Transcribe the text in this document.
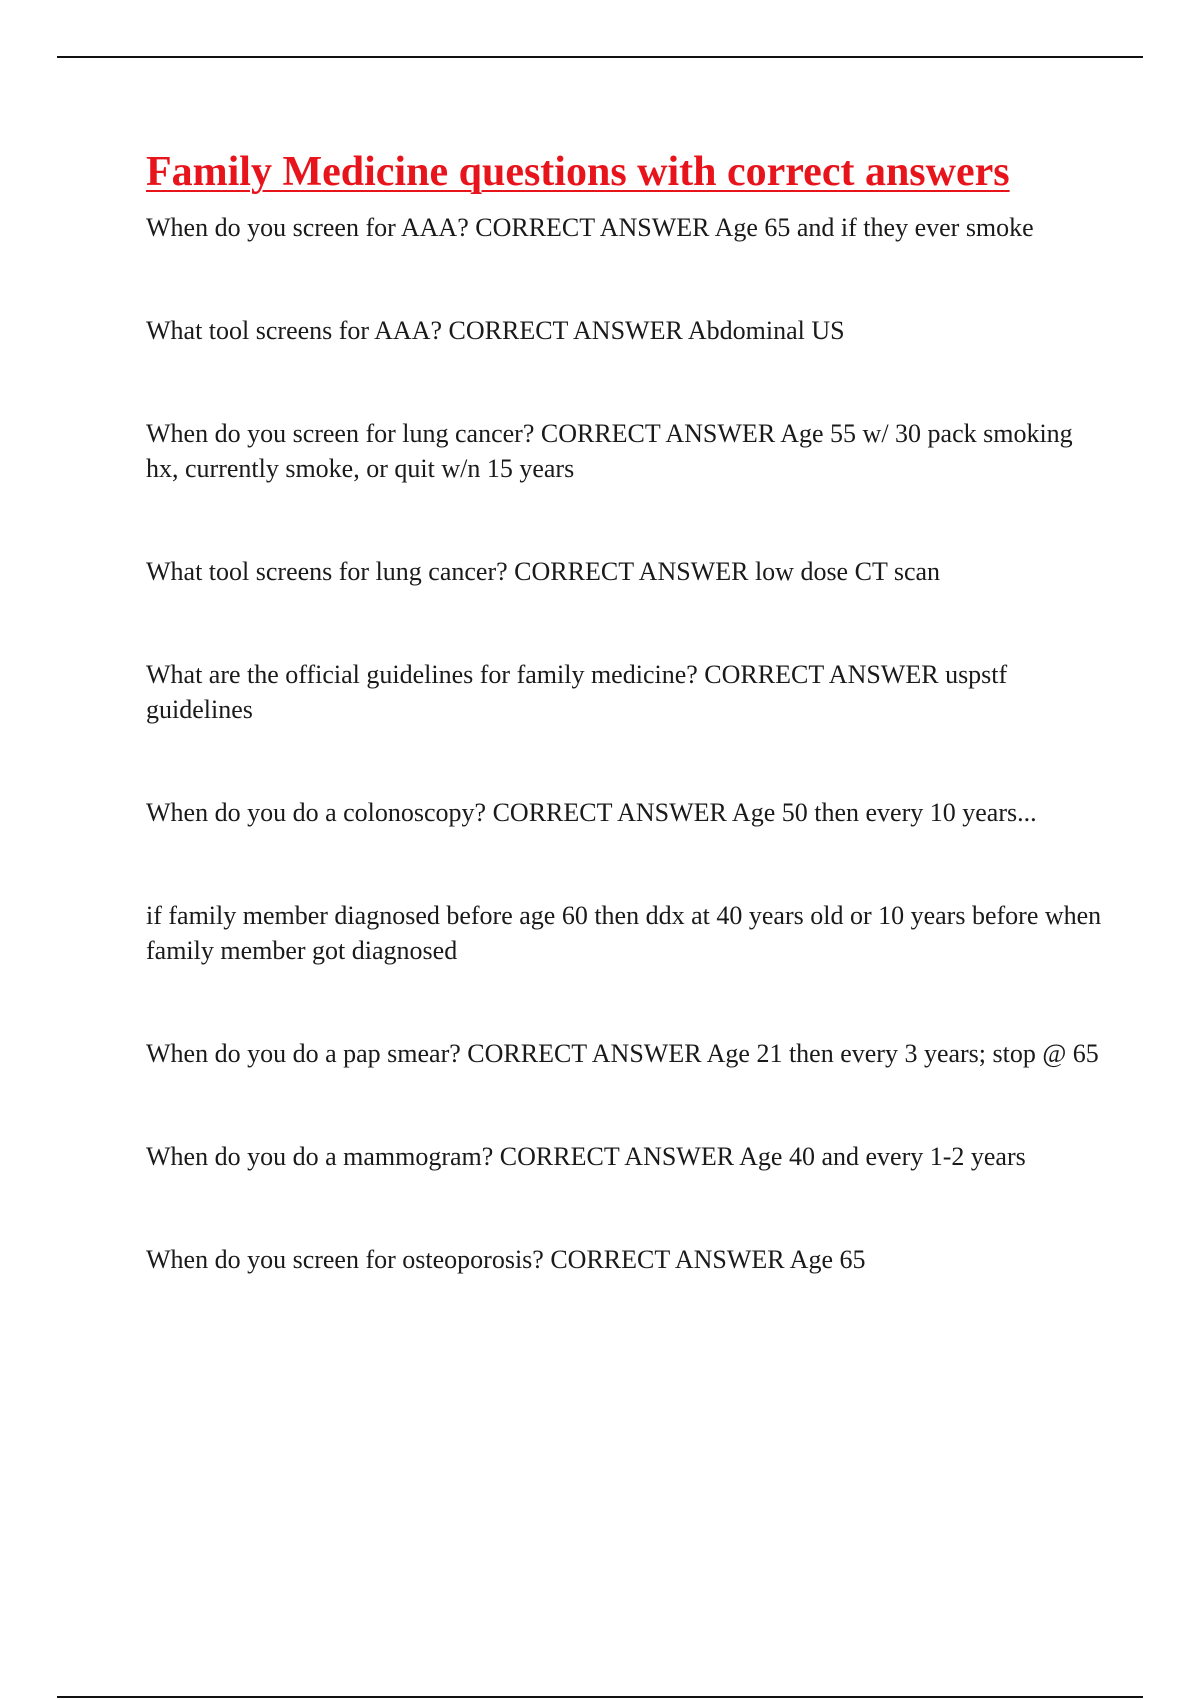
Family Medicine questions with correct answers
When do you screen for AAA? CORRECT ANSWER Age 65 and if they ever smoke
What tool screens for AAA? CORRECT ANSWER Abdominal US
When do you screen for lung cancer? CORRECT ANSWER Age 55 w/ 30 pack smoking hx, currently smoke, or quit w/n 15 years
What tool screens for lung cancer? CORRECT ANSWER low dose CT scan
What are the official guidelines for family medicine? CORRECT ANSWER uspstf guidelines
When do you do a colonoscopy? CORRECT ANSWER Age 50 then every 10 years...
if family member diagnosed before age 60 then ddx at 40 years old or 10 years before when family member got diagnosed
When do you do a pap smear? CORRECT ANSWER Age 21 then every 3 years; stop @ 65
When do you do a mammogram? CORRECT ANSWER Age 40 and every 1-2 years
When do you screen for osteoporosis? CORRECT ANSWER Age 65
